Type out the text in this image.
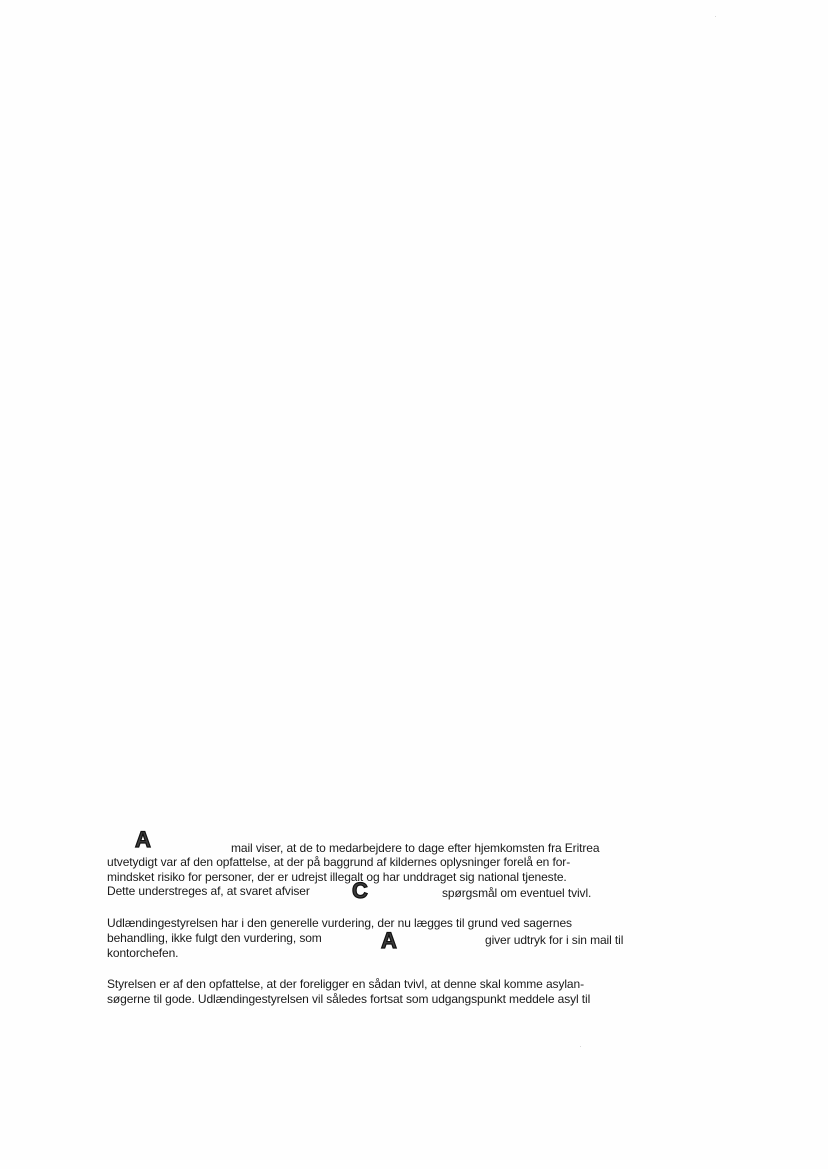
A	mail viser, at de to medarbejdere to dage efter hjemkomsten fra Eritrea
utvetydigt var af den opfattelse, at der på baggrund af kildernes oplysninger forelå en for-
mindsket risiko for personer, der er udrejst illegalt og har unddraget sig national tjeneste.
Dette understreges af, at svaret afviser C	spørgsmål om eventuel tvivl.
Udlændingestyrelsen har i den generelle vurdering, der nu lægges til grund ved sagernes
behandling, ikke fulgt den vurdering, som	A	giver udtryk for i sin mail til
kontorchefen.
Styrelsen er af den opfattelse, at der foreligger en sådan tvivl, at denne skal komme asylan-
søgerne til gode. Udlændingestyrelsen vil således fortsat som udgangspunkt meddele asyl til
